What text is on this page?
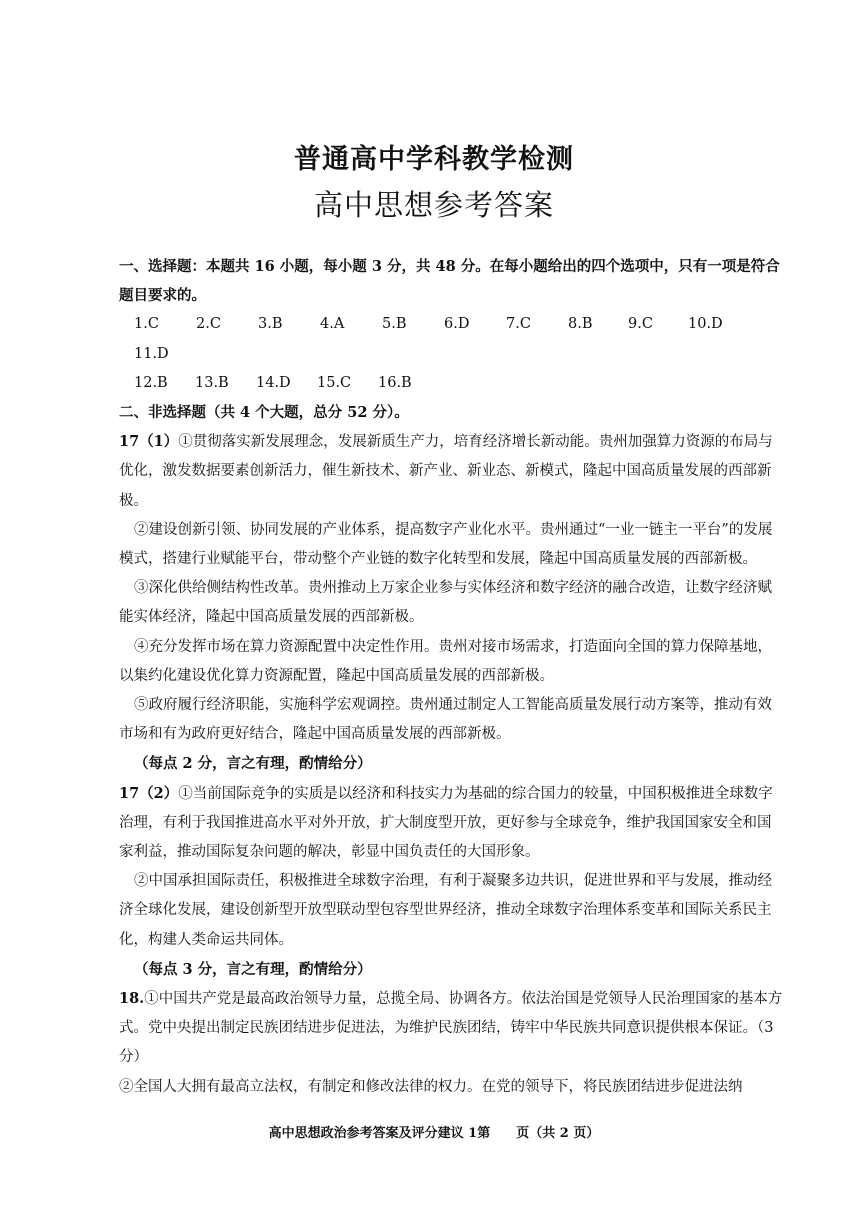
普通高中学科教学检测
高中思想参考答案

一、选择题：本题共 16 小题，每小题 3 分，共 48 分。在每小题给出的四个选项中，只有一项是符合题目要求的。

1.C	2.C	3.B	4.A	5.B	6.D	7.C	8.B	9.C	10.D
11.D
12.B	13.B	14.D	15.C	16.B

二、非选择题（共 4 个大题，总分 52 分）。

17（1）①贯彻落实新发展理念，发展新质生产力，培育经济增长新动能。贵州加强算力资源的布局与优化，激发数据要素创新活力，催生新技术、新产业、新业态、新模式，隆起中国高质量发展的西部新极。

②建设创新引领、协同发展的产业体系，提高数字产业化水平。贵州通过“一业一链主一平台”的发展模式，搭建行业赋能平台，带动整个产业链的数字化转型和发展，隆起中国高质量发展的西部新极。

③深化供给侧结构性改革。贵州推动上万家企业参与实体经济和数字经济的融合改造，让数字经济赋能实体经济，隆起中国高质量发展的西部新极。

④充分发挥市场在算力资源配置中决定性作用。贵州对接市场需求，打造面向全国的算力保障基地，以集约化建设优化算力资源配置，隆起中国高质量发展的西部新极。

⑤政府履行经济职能，实施科学宏观调控。贵州通过制定人工智能高质量发展行动方案等，推动有效市场和有为政府更好结合，隆起中国高质量发展的西部新极。

（每点 2 分，言之有理，酌情给分）

17（2）①当前国际竞争的实质是以经济和科技实力为基础的综合国力的较量，中国积极推进全球数字治理，有利于我国推进高水平对外开放，扩大制度型开放，更好参与全球竞争，维护我国国家安全和国家利益，推动国际复杂问题的解决，彰显中国负责任的大国形象。

②中国承担国际责任，积极推进全球数字治理，有利于凝聚多边共识，促进世界和平与发展，推动经济全球化发展，建设创新型开放型联动型包容型世界经济，推动全球数字治理体系变革和国际关系民主化，构建人类命运共同体。

（每点 3 分，言之有理，酌情给分）

18.①中国共产党是最高政治领导力量，总揽全局、协调各方。依法治国是党领导人民治理国家的基本方式。党中央提出制定民族团结进步促进法，为维护民族团结，铸牢中华民族共同意识提供根本保证。（3 分）

②全国人大拥有最高立法权，有制定和修改法律的权力。在党的领导下，将民族团结进步促进法纳

高中思想政治参考答案及评分建议 1第　　页（共 2 页）
